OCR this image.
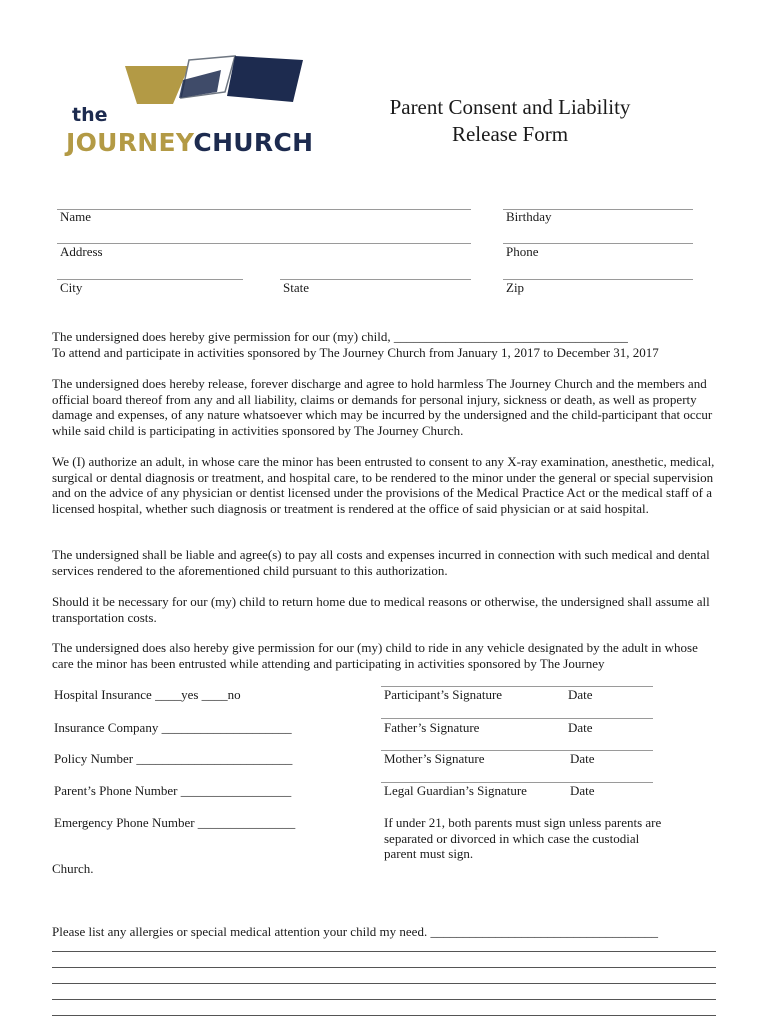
the
JOURNEYCHURCH
Parent Consent and Liability
Release Form
Name	Birthday
Address	Phone
City	State	Zip

The undersigned does hereby give permission for our (my) child, ____________________________________

To attend and participate in activities sponsored by The Journey Church from January 1, 2017 to December 31, 2017

The undersigned does hereby release, forever discharge and agree to hold harmless The Journey Church and the members and official board thereof from any and all liability, claims or demands for personal injury, sickness or death, as well as property damage and expenses, of any nature whatsoever which may be incurred by the undersigned and the child-participant that occur while said child is participating in activities sponsored by The Journey Church.

We (I) authorize an adult, in whose care the minor has been entrusted to consent to any X-ray examination, anesthetic, medical, surgical or dental diagnosis or treatment, and hospital care, to be rendered to the minor under the general or special supervision and on the advice of any physician or dentist licensed under the provisions of the Medical Practice Act or the medical staff of a licensed hospital, whether such diagnosis or treatment is rendered at the office of said physician or at said hospital.

The undersigned shall be liable and agree(s) to pay all costs and expenses incurred in connection with such medical and dental services rendered to the aforementioned child pursuant to this authorization.

Should it be necessary for our (my) child to return home due to medical reasons or otherwise, the undersigned shall assume all transportation costs.

The undersigned does also hereby give permission for our (my) child to ride in any vehicle designated by the adult in whose care the minor has been entrusted while attending and participating in activities sponsored by The Journey

Hospital Insurance ____yes ____no
Insurance Company ____________________
Policy Number ________________________
Parent’s Phone Number _________________
Emergency Phone Number _______________
Participant’s Signature	Date
Father’s Signature	Date
Mother’s Signature	Date
Legal Guardian’s Signature	Date
If under 21, both parents must sign unless parents are separated or divorced in which case the custodial parent must sign.
Church.
Please list any allergies or special medical attention your child my need. ___________________________________
